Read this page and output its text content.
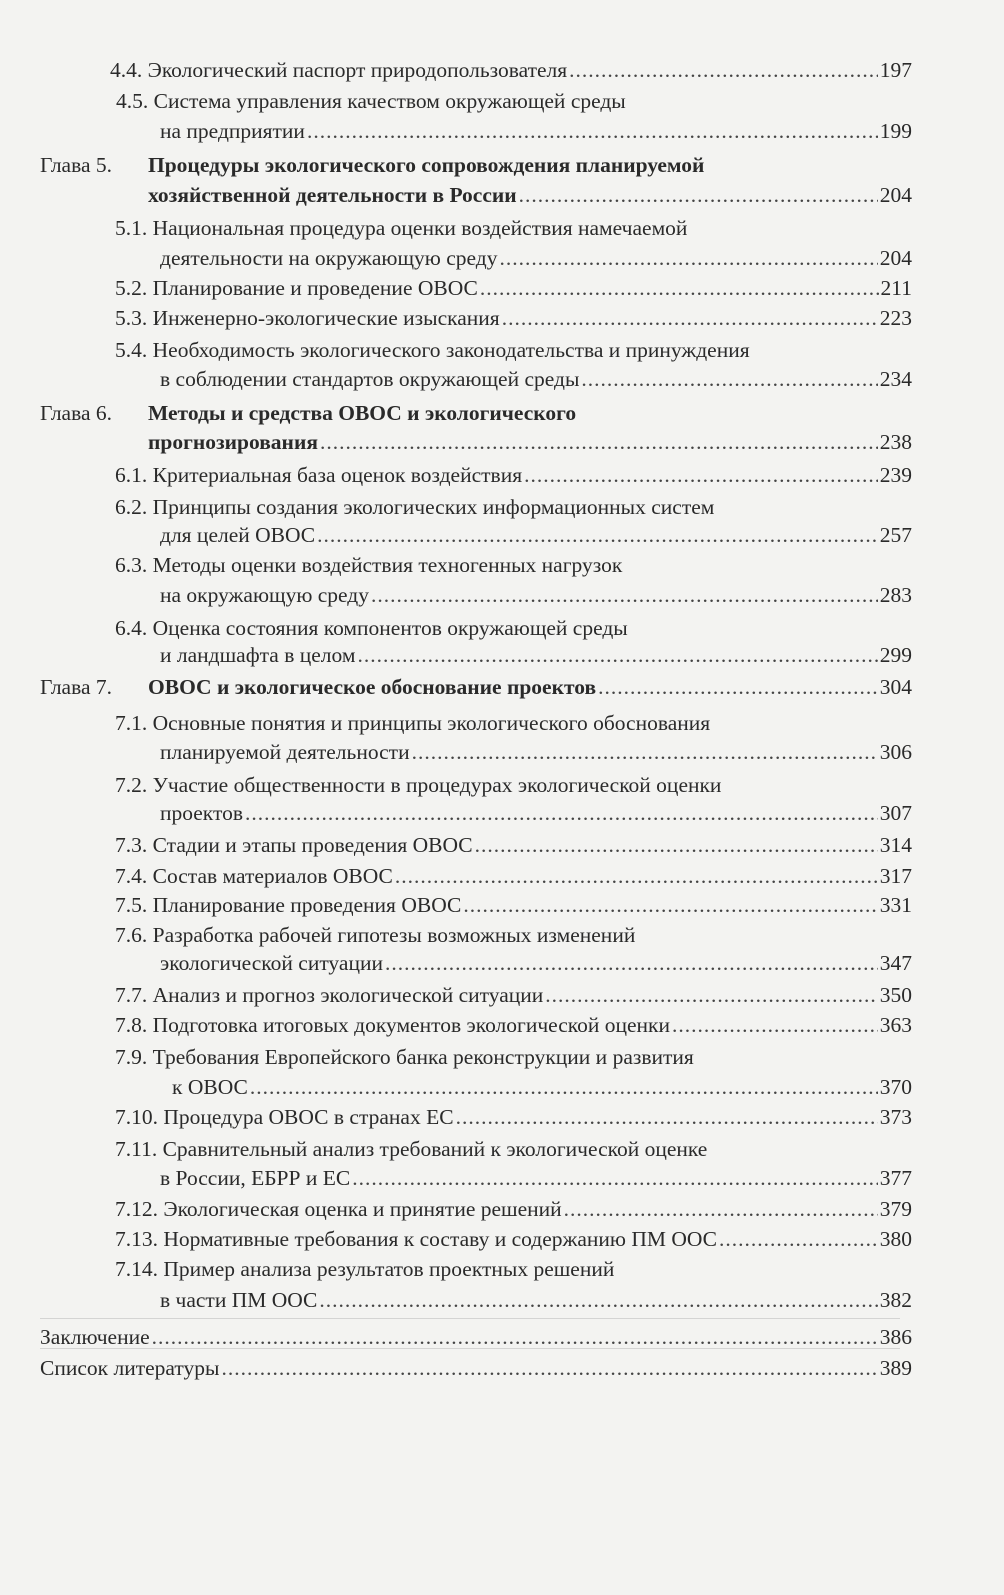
4.4. Экологический паспорт природопользователя .....	197
4.5. Система управления качеством окружающей среды
на предприятии .....	199
Глава 5. Процедуры экологического сопровождения планируемой
хозяйственной деятельности в России .....	204
5.1. Национальная процедура оценки воздействия намечаемой
деятельности на окружающую среду .....	204
5.2. Планирование и проведение ОВОС .....	211
5.3. Инженерно-экологические изыскания .....	223
5.4. Необходимость экологического законодательства и принуждения
в соблюдении стандартов окружающей среды .....	234
Глава 6. Методы и средства ОВОС и экологического
прогнозирования .....	238
6.1. Критериальная база оценок воздействия .....	239
6.2. Принципы создания экологических информационных систем
для целей ОВОС .....	257
6.3. Методы оценки воздействия техногенных нагрузок
на окружающую среду .....	283
6.4. Оценка состояния компонентов окружающей среды
и ландшафта в целом .....	299
Глава 7. ОВОС и экологическое обоснование проектов .....	304
7.1. Основные понятия и принципы экологического обоснования
планируемой деятельности .....	306
7.2. Участие общественности в процедурах экологической оценки
проектов .....	307
7.3. Стадии и этапы проведения ОВОС .....	314
7.4. Состав материалов ОВОС .....	317
7.5. Планирование проведения ОВОС .....	331
7.6. Разработка рабочей гипотезы возможных изменений
экологической ситуации .....	347
7.7. Анализ и прогноз экологической ситуации .....	350
7.8. Подготовка итоговых документов экологической оценки .....	363
7.9. Требования Европейского банка реконструкции и развития
к ОВОС .....	370
7.10. Процедура ОВОС в странах ЕС .....	373
7.11. Сравнительный анализ требований к экологической оценке
в России, ЕБРР и ЕС .....	377
7.12. Экологическая оценка и принятие решений .....	379
7.13. Нормативные требования к составу и содержанию ПМ ООС .....	380
7.14. Пример анализа результатов проектных решений
в части ПМ ООС .....	382
Заключение .....	386
Список литературы .....	389
